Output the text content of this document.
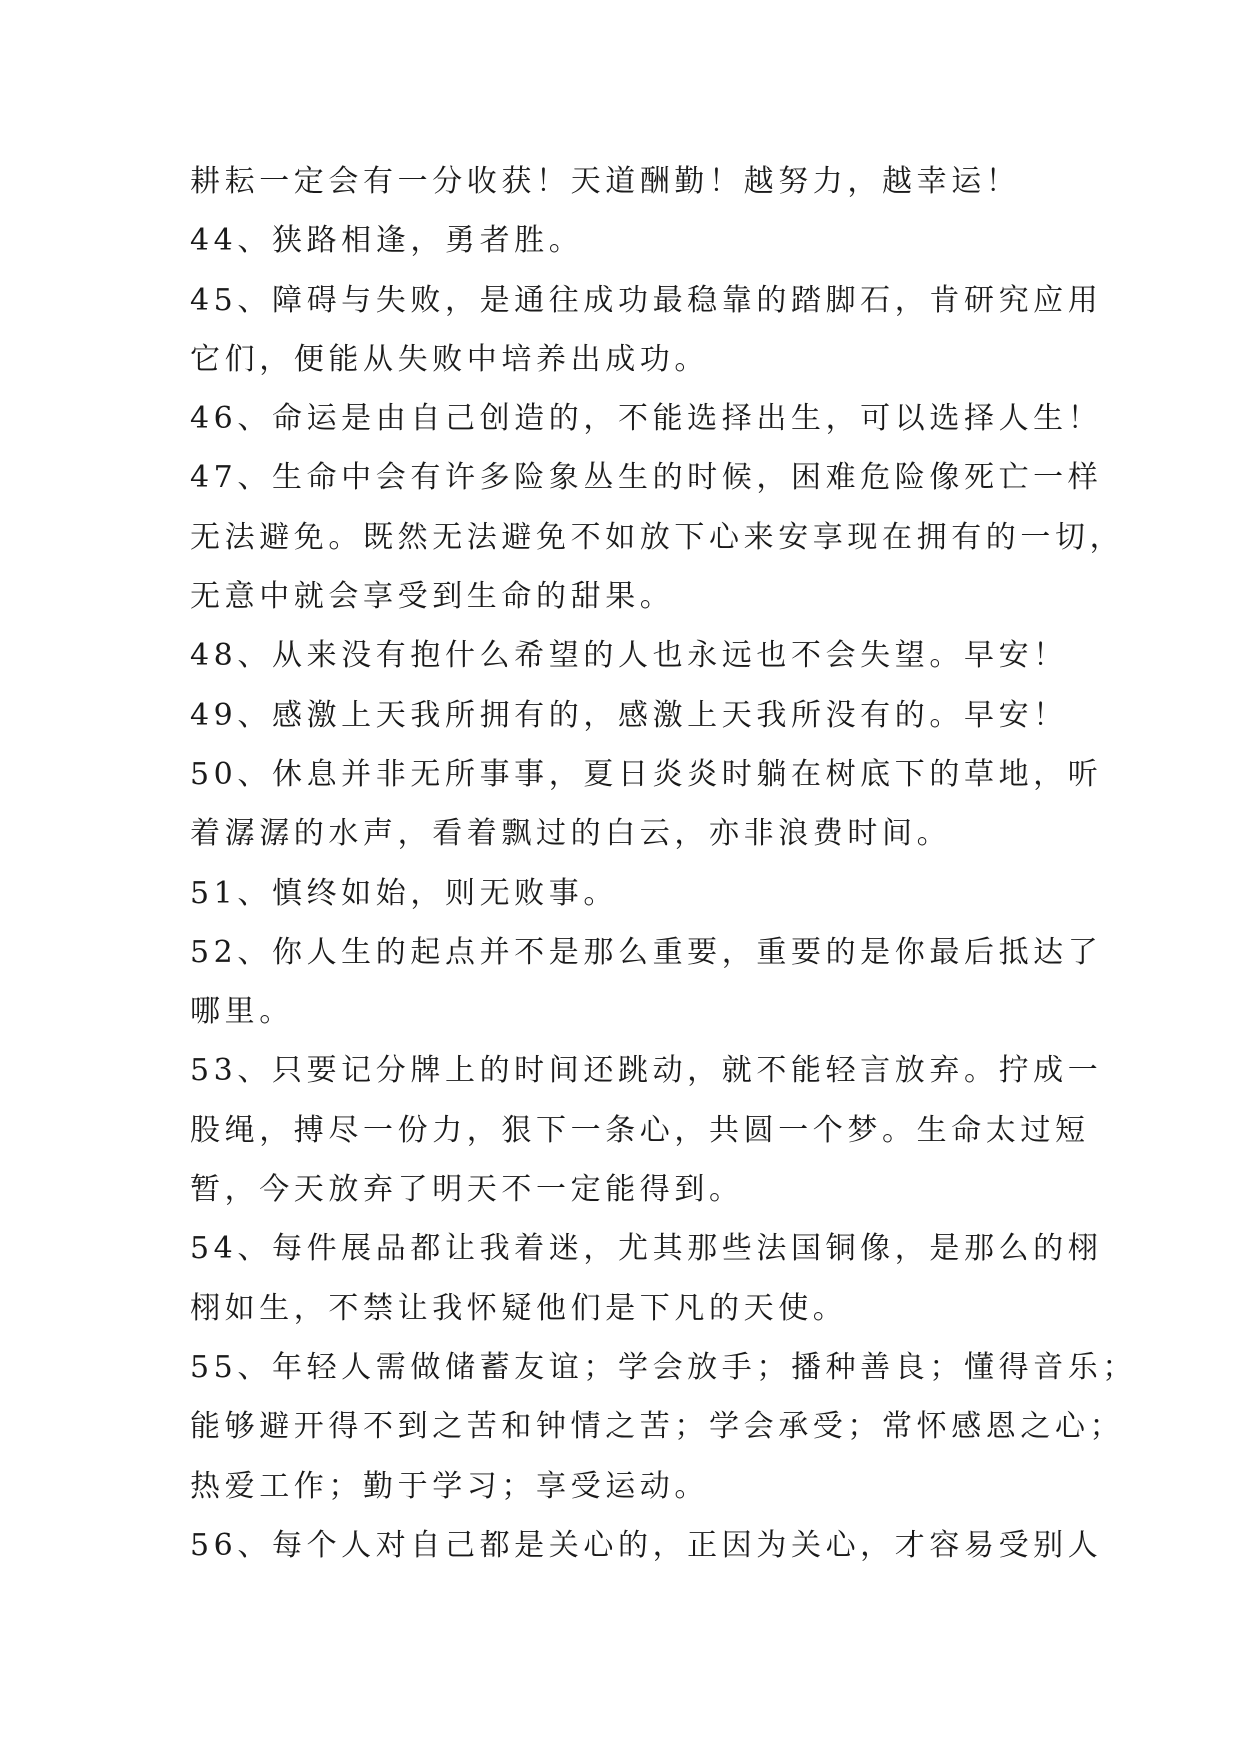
耕耘一定会有一分收获！天道酬勤！越努力，越幸运！
44、狭路相逢，勇者胜。
45、障碍与失败，是通往成功最稳靠的踏脚石，肯研究应用
它们，便能从失败中培养出成功。
46、命运是由自己创造的，不能选择出生，可以选择人生！
47、生命中会有许多险象丛生的时候，困难危险像死亡一样
无法避免。既然无法避免不如放下心来安享现在拥有的一切，
无意中就会享受到生命的甜果。
48、从来没有抱什么希望的人也永远也不会失望。早安！
49、感激上天我所拥有的，感激上天我所没有的。早安！
50、休息并非无所事事，夏日炎炎时躺在树底下的草地，听
着潺潺的水声，看着飘过的白云，亦非浪费时间。
51、慎终如始，则无败事。
52、你人生的起点并不是那么重要，重要的是你最后抵达了
哪里。
53、只要记分牌上的时间还跳动，就不能轻言放弃。拧成一
股绳，搏尽一份力，狠下一条心，共圆一个梦。生命太过短
暂，今天放弃了明天不一定能得到。
54、每件展品都让我着迷，尤其那些法国铜像，是那么的栩
栩如生，不禁让我怀疑他们是下凡的天使。
55、年轻人需做储蓄友谊；学会放手；播种善良；懂得音乐；
能够避开得不到之苦和钟情之苦；学会承受；常怀感恩之心；
热爱工作；勤于学习；享受运动。
56、每个人对自己都是关心的，正因为关心，才容易受别人
